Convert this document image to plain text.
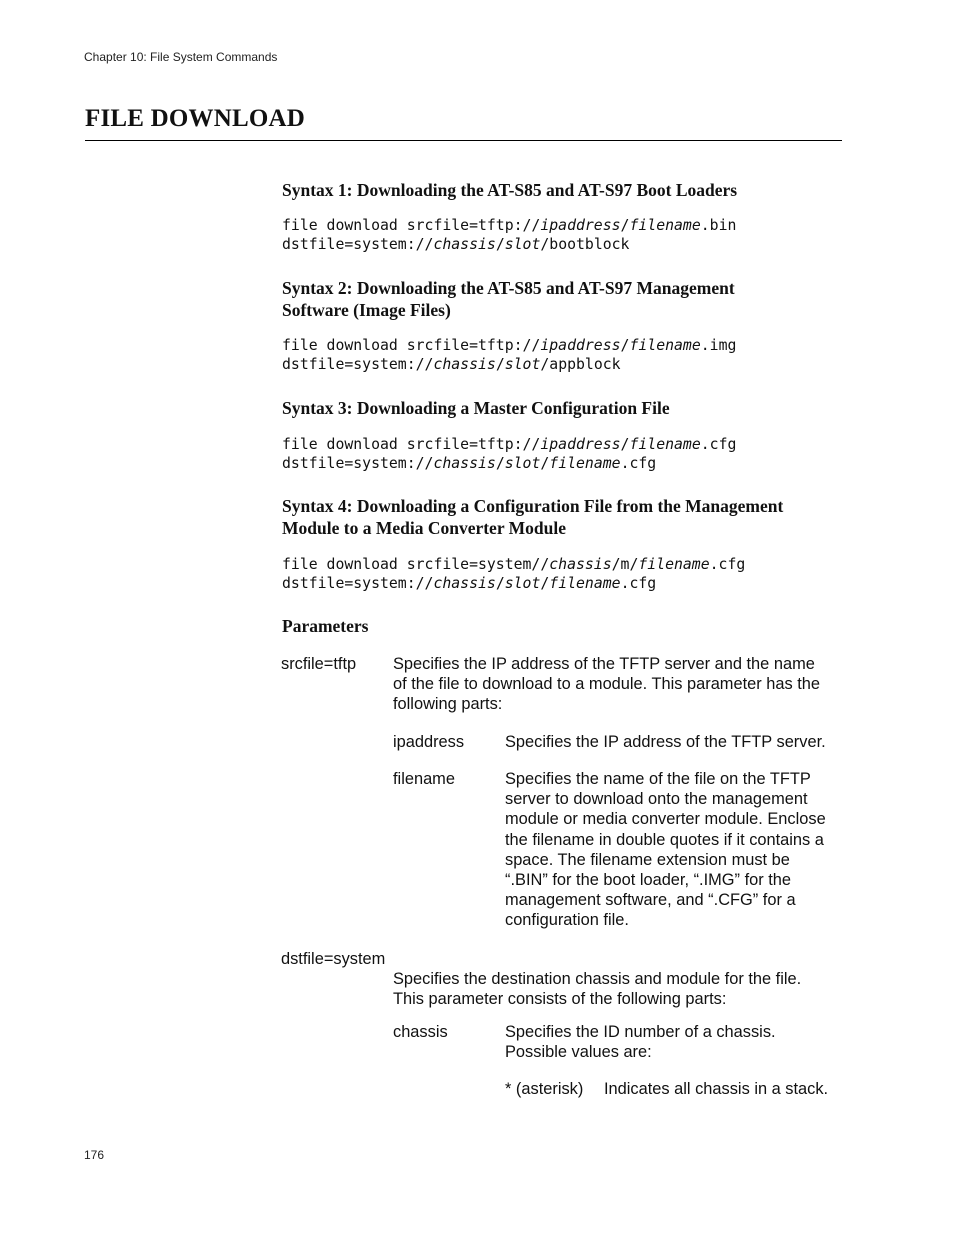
Chapter 10: File System Commands
FILE DOWNLOAD
Syntax 1: Downloading the AT-S85 and AT-S97 Boot Loaders
file download srcfile=tftp://ipaddress/filename.bin
dstfile=system://chassis/slot/bootblock
Syntax 2: Downloading the AT-S85 and AT-S97 Management
Software (Image Files)
file download srcfile=tftp://ipaddress/filename.img
dstfile=system://chassis/slot/appblock
Syntax 3: Downloading a Master Configuration File
file download srcfile=tftp://ipaddress/filename.cfg
dstfile=system://chassis/slot/filename.cfg
Syntax 4: Downloading a Configuration File from the Management
Module to a Media Converter Module
file download srcfile=system//chassis/m/filename.cfg
dstfile=system://chassis/slot/filename.cfg
Parameters
srcfile=tftp Specifies the IP address of the TFTP server and the name
of the file to download to a module. This parameter has the
following parts:
ipaddress Specifies the IP address of the TFTP server.
filename	Specifies the name of the file on the TFTP
server to download onto the management
module or media converter module. Enclose
the filename in double quotes if it contains a
space. The filename extension must be
“.BIN” for the boot loader, “.IMG” for the
management software, and “.CFG” for a
configuration file.
dstfile=system
Specifies the destination chassis and module for the file.
This parameter consists of the following parts:
chassis	Specifies the ID number of a chassis.
Possible values are:
* (asterisk) Indicates all chassis in a stack.
176
